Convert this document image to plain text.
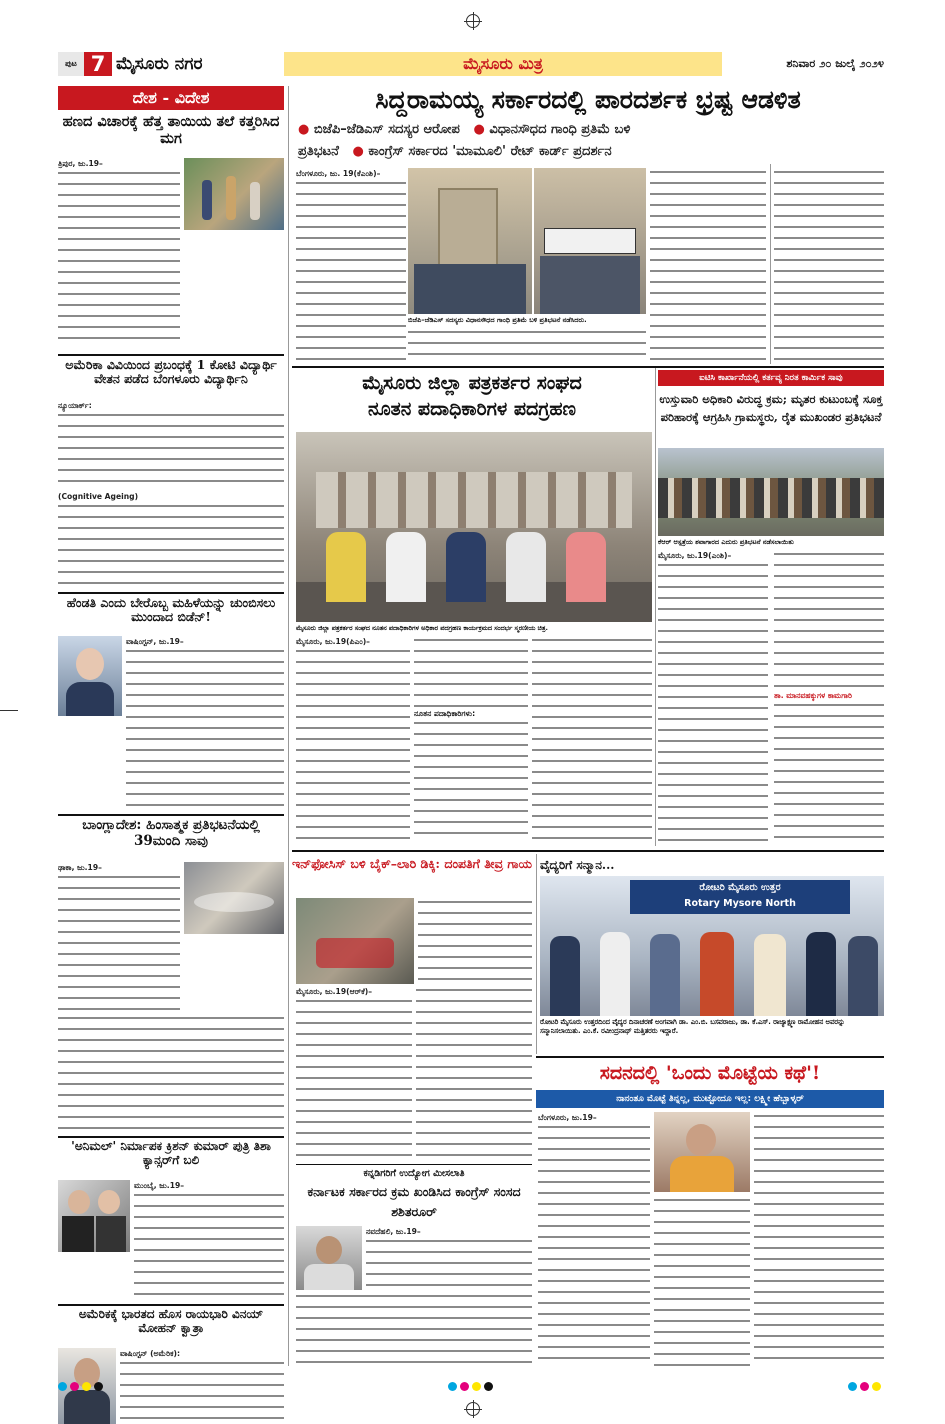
ಪುಟ 7 ಮೈಸೂರು ನಗರ	ಮೈಸೂರು ಮಿತ್ರ	ಶನಿವಾರ ೨೦ ಜುಲೈ ೨೦೨೪
ದೇಶ - ವಿದೇಶ
ಹಣದ ವಿಚಾರಕ್ಕೆ ಹೆತ್ತ ತಾಯಿಯ ತಲೆ ಕತ್ತರಿಸಿದ ಮಗ
ತ್ರಿಪುರ, ಜು.19–
ಅಮೆರಿಕಾ ವಿವಿಯಿಂದ ಪ್ರಬಂಧಕ್ಕೆ 1 ಕೋಟಿ ವಿದ್ಯಾರ್ಥಿ ವೇತನ ಪಡೆದ ಬೆಂಗಳೂರು ವಿದ್ಯಾರ್ಥಿನಿ
ನ್ಯೂಯಾರ್ಕ್:
(Cognitive Ageing)
ಹೆಂಡತಿ ಎಂದು ಬೇರೊಬ್ಬ ಮಹಿಳೆಯನ್ನು ಚುಂಬಿಸಲು ಮುಂದಾದ ಬಿಡೆನ್!
ವಾಷಿಂಗ್ಟನ್, ಜು.19–
ಬಾಂಗ್ಲಾದೇಶ: ಹಿಂಸಾತ್ಮಕ ಪ್ರತಿಭಟನೆಯಲ್ಲಿ 39ಮಂದಿ ಸಾವು
ಢಾಕಾ, ಜು.19–
'ಅನಿಮಲ್' ನಿರ್ಮಾಪಕ ಕ್ರಿಶನ್ ಕುಮಾರ್ ಪುತ್ರಿ ತಿಶಾ ಕ್ಯಾನ್ಸರ್‌ಗೆ ಬಲಿ
ಮುಂಬೈ, ಜು.19–
ಅಮೆರಿಕಕ್ಕೆ ಭಾರತದ ಹೊಸ ರಾಯಭಾರಿ ವಿನಯ್ ಮೋಹನ್ ಕ್ವಾತ್ರಾ
ವಾಷಿಂಗ್ಟನ್ (ಅಮೆರಿಕ):
ಸಿದ್ದರಾಮಯ್ಯ ಸರ್ಕಾರದಲ್ಲಿ ಪಾರದರ್ಶಕ ಭ್ರಷ್ಟ ಆಡಳಿತ
● ಬಿಜೆಪಿ–ಜೆಡಿಎಸ್ ಸದಸ್ಯರ ಆರೋಪ ● ವಿಧಾನಸೌಧದ ಗಾಂಧಿ ಪ್ರತಿಮೆ ಬಳಿ
ಪ್ರತಿಭಟನೆ ● ಕಾಂಗ್ರೆಸ್ ಸರ್ಕಾರದ 'ಮಾಮೂಲಿ' ರೇಟ್ ಕಾರ್ಡ್ ಪ್ರದರ್ಶನ
ಬೆಂಗಳೂರು, ಜು. 19(ಕೆಎಂಶಿ)–
ಬಿಜೆಪಿ–ಜೆಡಿಎಸ್ ಸದಸ್ಯರು ವಿಧಾನಸೌಧದ ಗಾಂಧಿ ಪ್ರತಿಮೆ ಬಳಿ ಪ್ರತಿಭಟನೆ ನಡೆಸಿದರು.
ಮೈಸೂರು ಜಿಲ್ಲಾ ಪತ್ರಕರ್ತರ ಸಂಘದ
ನೂತನ ಪದಾಧಿಕಾರಿಗಳ ಪದಗ್ರಹಣ
ಮೈಸೂರು ಜಿಲ್ಲಾ ಪತ್ರಕರ್ತರ ಸಂಘದ ನೂತನ ಪದಾಧಿಕಾರಿಗಳ ಅಧಿಕಾರ ಪದಗ್ರಹಣ ಕಾರ್ಯಕ್ರಮದ ಸಂದರ್ಭ ಸ್ಮರಣೀಯ ಚಿತ್ರ.
ಮೈಸೂರು, ಜು.19(ಪಿಎಂ)–
ನೂತನ ಪದಾಧಿಕಾರಿಗಳು:
ಐಟಿಸಿ ಕಾರ್ಖಾನೆಯಲ್ಲಿ ಕರ್ತವ್ಯ ನಿರತ ಕಾರ್ಮಿಕ ಸಾವು
ಉಸ್ತುವಾರಿ ಅಧಿಕಾರಿ ವಿರುದ್ಧ ಕ್ರಮ; ಮೃತರ ಕುಟುಂಬಕ್ಕೆ ಸೂಕ್ತ ಪರಿಹಾರಕ್ಕೆ ಆಗ್ರಹಿಸಿ ಗ್ರಾಮಸ್ಥರು, ರೈತ ಮುಖಂಡರ ಪ್ರತಿಭಟನೆ
ಕೆಆರ್ ಆಸ್ಪತ್ರೆಯ ಶವಾಗಾರದ ಎದುರು ಪ್ರತಿಭಟನೆ ನಡೆಸಲಾಯಿತು
ಮೈಸೂರು, ಜು.19(ಎಂಶಿ)–
ತಾ. ಮಾನವಹಕ್ಕುಗಳ ಕಾಮಗಾರಿ
ಇನ್‌ಫೋಸಿಸ್ ಬಳಿ ಬೈಕ್–ಲಾರಿ ಡಿಕ್ಕಿ: ದಂಪತಿಗೆ ತೀವ್ರ ಗಾಯ
ಮೈಸೂರು, ಜು.19(ಆರ್‌ಕೆ)–
ವೈದ್ಯರಿಗೆ ಸನ್ಮಾನ...
ರೋಟರಿ ಮೈಸೂರು ಉತ್ತರ
Rotary Mysore North
ರೋಟರಿ ಮೈಸೂರು ಉತ್ತರದಿಂದ ವೈದ್ಯರ ದಿನಾಚರಣೆ ಅಂಗವಾಗಿ ಡಾ. ಎಂ.ಬಿ. ಬಸವರಾಜು, ಡಾ. ಕೆ.ಎಸ್. ರಾಜ್ಯಾಕ್ಷ್ಮಣ ರಾಮೋಹನ ಅವರನ್ನು ಸನ್ಮಾನಿಸಲಾಯಿತು. ಎಂ.ಕೆ. ರವೀಂದ್ರನಾಥ್ ಮತ್ತಿತರರು ಇದ್ದಾರೆ.
ಕನ್ನಡಿಗರಿಗೆ ಉದ್ಯೋಗ ಮೀಸಲಾತಿ
ಕರ್ನಾಟಕ ಸರ್ಕಾರದ ಕ್ರಮ ಖಂಡಿಸಿದ ಕಾಂಗ್ರೆಸ್ ಸಂಸದ ಶಶಿತರೂರ್
ನವದೆಹಲಿ, ಜು.19–
ಸದನದಲ್ಲಿ 'ಒಂದು ಮೊಟ್ಟೆಯ ಕಥೆ'!
ನಾನಂತೂ ಮೊಟ್ಟೆ ತಿನ್ನಲ್ಲ, ಮುಟ್ಟೋದೂ ಇಲ್ಲ: ಲಕ್ಷ್ಮೀ ಹೆಬ್ಬಾಳ್ಕರ್
ಬೆಂಗಳೂರು, ಜು.19–
